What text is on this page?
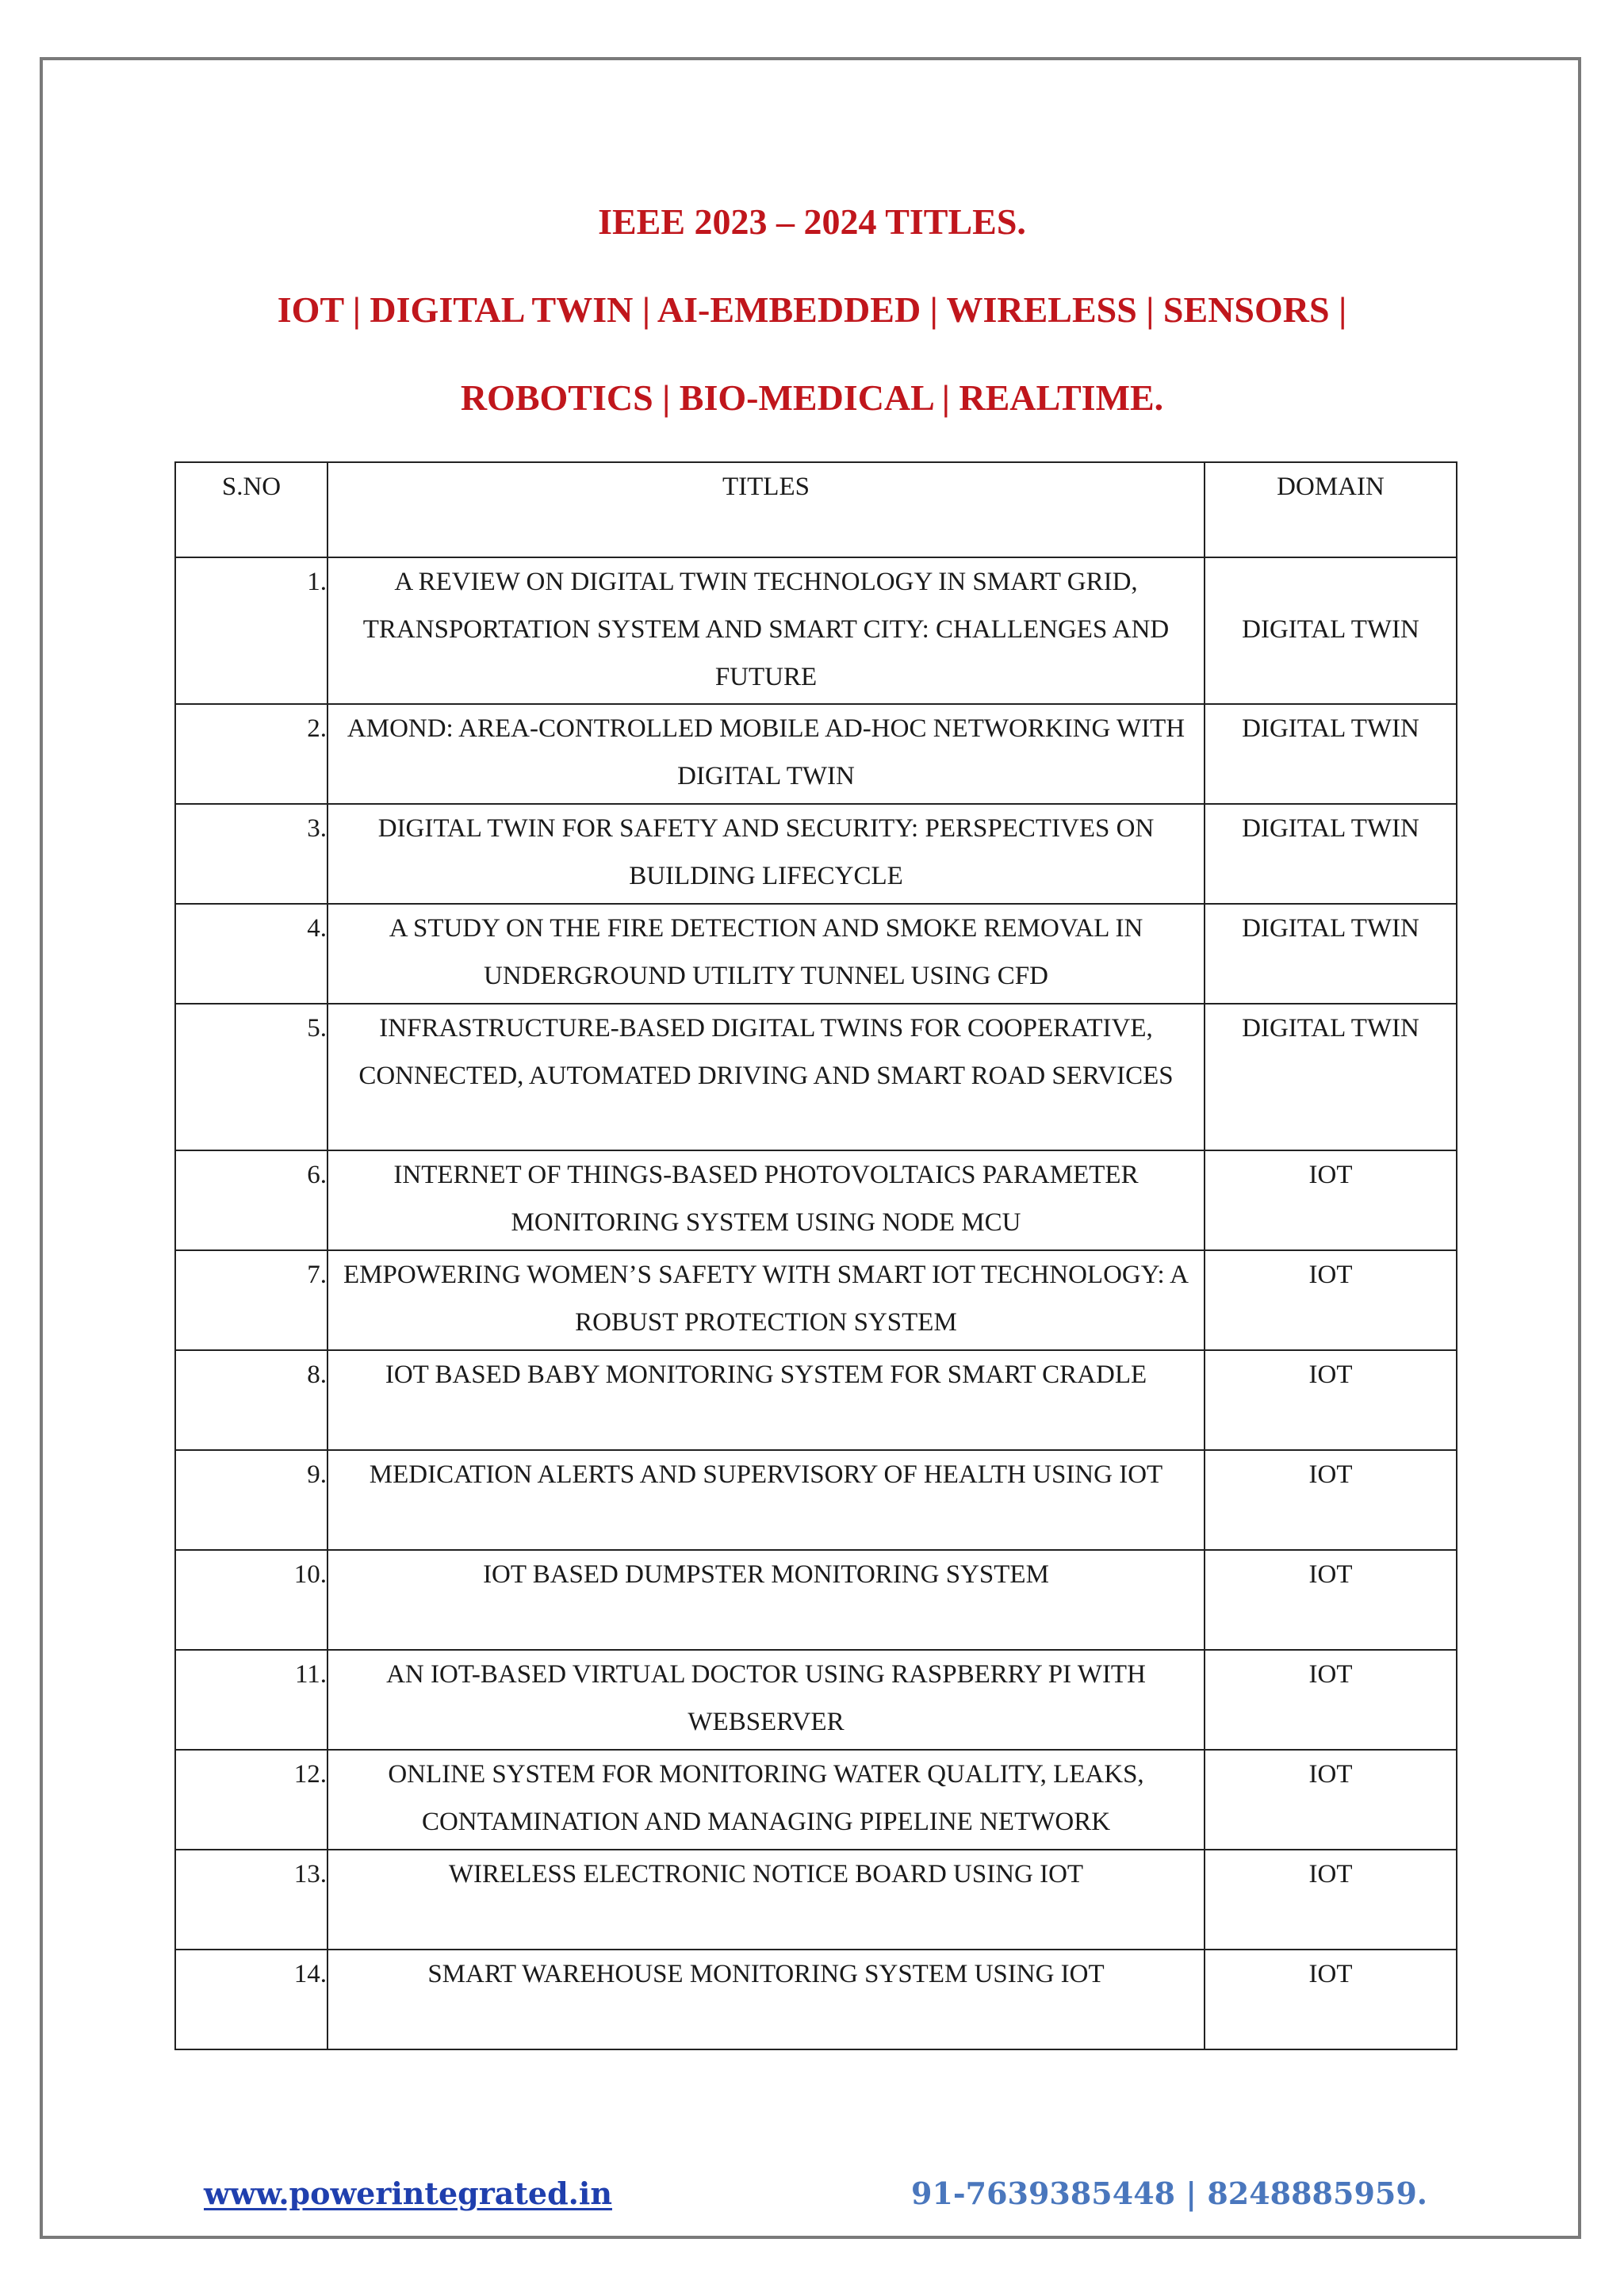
IEEE 2023 – 2024 TITLES.
IOT | DIGITAL TWIN | AI-EMBEDDED | WIRELESS | SENSORS |
ROBOTICS | BIO-MEDICAL | REALTIME.
S.NO	TITLES	DOMAIN
1.	A REVIEW ON DIGITAL TWIN TECHNOLOGY IN SMART GRID, TRANSPORTATION SYSTEM AND SMART CITY: CHALLENGES AND FUTURE	DIGITAL TWIN

2.	AMOND: AREA-CONTROLLED MOBILE AD-HOC NETWORKING WITH DIGITAL TWIN	DIGITAL TWIN
3.	DIGITAL TWIN FOR SAFETY AND SECURITY: PERSPECTIVES ON BUILDING LIFECYCLE	DIGITAL TWIN
4.	A STUDY ON THE FIRE DETECTION AND SMOKE REMOVAL IN UNDERGROUND UTILITY TUNNEL USING CFD	DIGITAL TWIN
5.	INFRASTRUCTURE-BASED DIGITAL TWINS FOR COOPERATIVE, CONNECTED, AUTOMATED DRIVING AND SMART ROAD SERVICES	DIGITAL TWIN
6.	INTERNET OF THINGS-BASED PHOTOVOLTAICS PARAMETER MONITORING SYSTEM USING NODE MCU	IOT
7.	EMPOWERING WOMEN’S SAFETY WITH SMART IOT TECHNOLOGY: A ROBUST PROTECTION SYSTEM	IOT
8.	IOT BASED BABY MONITORING SYSTEM FOR SMART CRADLE	IOT
9.	MEDICATION ALERTS AND SUPERVISORY OF HEALTH USING IOT	IOT
10.	IOT BASED DUMPSTER MONITORING SYSTEM	IOT
11.	AN IOT-BASED VIRTUAL DOCTOR USING RASPBERRY PI WITH WEBSERVER	IOT
12.	ONLINE SYSTEM FOR MONITORING WATER QUALITY, LEAKS, CONTAMINATION AND MANAGING PIPELINE NETWORK	IOT
13.	WIRELESS ELECTRONIC NOTICE BOARD USING IOT	IOT
14.	SMART WAREHOUSE MONITORING SYSTEM USING IOT	IOT
www.powerintegrated.in	91-7639385448 | 8248885959.
